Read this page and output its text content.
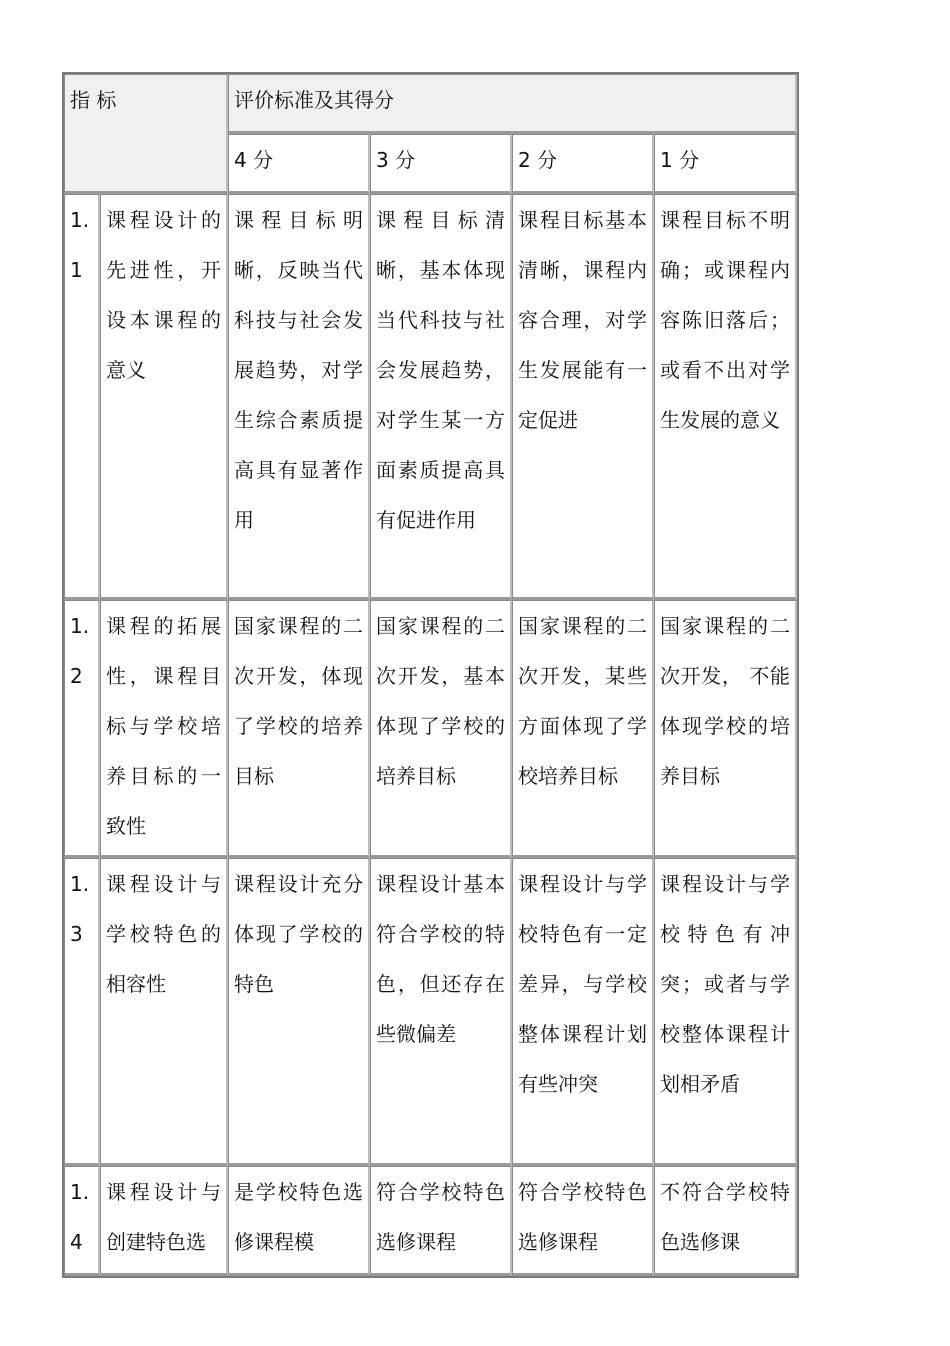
指 标		评价标准及其得分			
		4 分	3 分	2 分	1 分
1.1	课程设计的先进性，开设本课程的意义	课程目标明晰，反映当代科技与社会发展趋势，对学生综合素质提高具有显著作用	课程目标清晰，基本体现当代科技与社会发展趋势，对学生某一方面素质提高具有促进作用	课程目标基本清晰，课程内容合理，对学生发展能有一定促进	课程目标不明确；或课程内容陈旧落后；或看不出对学生发展的意义
1.2	课程的拓展性，课程目标与学校培养目标的一致性	国家课程的二次开发，体现了学校的培养目标	国家课程的二次开发，基本体现了学校的培养目标	国家课程的二次开发，某些方面体现了学校培养目标	国家课程的二次开发， 不能体现学校的培养目标
1.3	课程设计与学校特色的相容性	课程设计充分体现了学校的特色	课程设计基本符合学校的特色，但还存在些微偏差	课程设计与学校特色有一定差异，与学校整体课程计划有些冲突	课程设计与学校特色有冲突；或者与学校整体课程计划相矛盾
1.4	课程设计与创建特色选	是学校特色选修课程模	符合学校特色选修课程	符合学校特色选修课程	不符合学校特色选修课
